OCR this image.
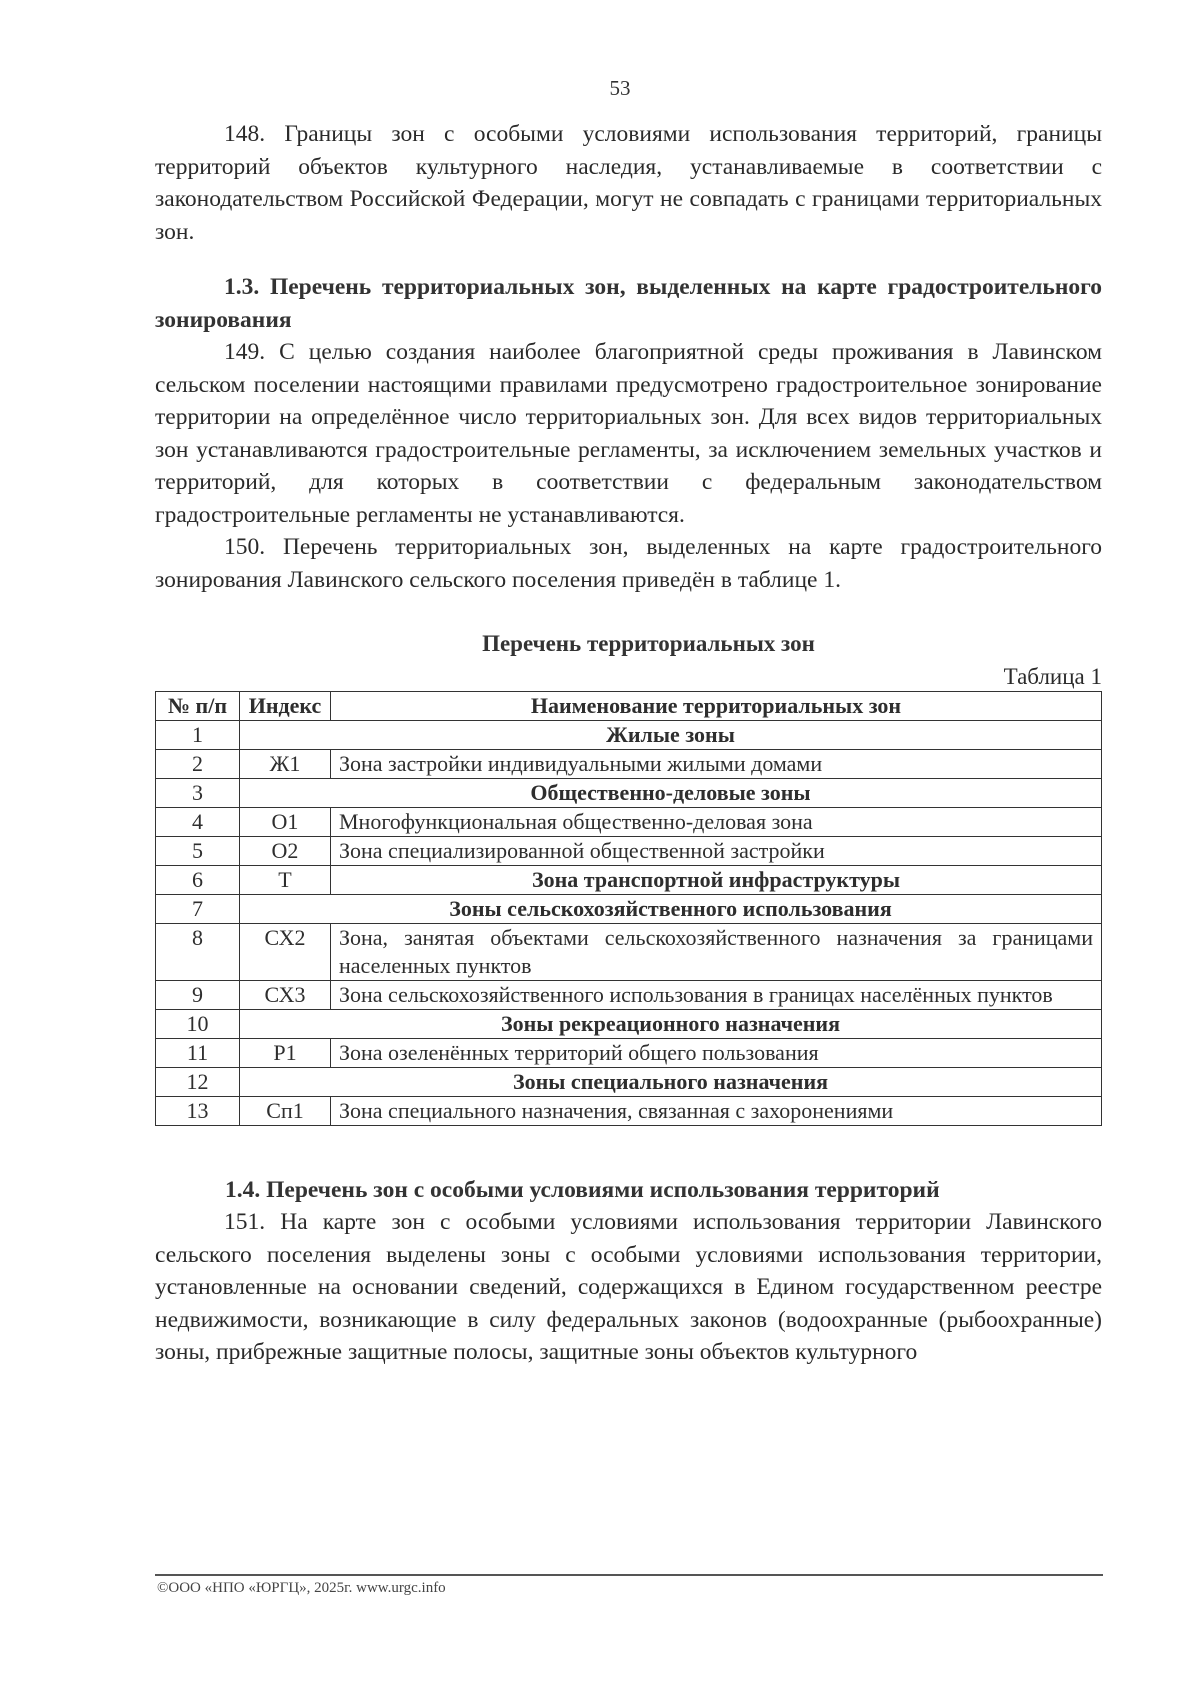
53

148. Границы зон с особыми условиями использования территорий, границы территорий объектов культурного наследия, устанавливаемые в соответствии с законодательством Российской Федерации, могут не совпадать с границами территориальных зон.

1.3. Перечень территориальных зон, выделенных на карте градостроительного зонирования

149. С целью создания наиболее благоприятной среды проживания в Лавинском сельском поселении настоящими правилами предусмотрено градостроительное зонирование территории на определённое число территориальных зон. Для всех видов территориальных зон устанавливаются градостроительные регламенты, за исключением земельных участков и территорий, для которых в соответствии с федеральным законодательством градостроительные регламенты не устанавливаются.

150. Перечень территориальных зон, выделенных на карте градостроительного зонирования Лавинского сельского поселения приведён в таблице 1.

Перечень территориальных зон
Таблица 1
№ п/п	Индекс	Наименование территориальных зон
1	Жилые зоны	
2	Ж1	Зона застройки индивидуальными жилыми домами
3	Общественно-деловые зоны	
4	О1	Многофункциональная общественно-деловая зона
5	О2	Зона специализированной общественной застройки
6	Т	Зона транспортной инфраструктуры
7	Зоны сельскохозяйственного использования	
8	СХ2	Зона, занятая объектами сельскохозяйственного назначения за границами населенных пунктов
9	СХ3	Зона сельскохозяйственного использования в границах населённых пунктов
10	Зоны рекреационного назначения	
11	Р1	Зона озеленённых территорий общего пользования
12	Зоны специального назначения	
13	Сп1	Зона специального назначения, связанная с захоронениями

1.4. Перечень зон с особыми условиями использования территорий

151. На карте зон с особыми условиями использования территории Лавинского сельского поселения выделены зоны с особыми условиями использования территории, установленные на основании сведений, содержащихся в Едином государственном реестре недвижимости, возникающие в силу федеральных законов (водоохранные (рыбоохранные) зоны, прибрежные защитные полосы, защитные зоны объектов культурного

©ООО «НПО «ЮРГЦ», 2025г. www.urgc.info
